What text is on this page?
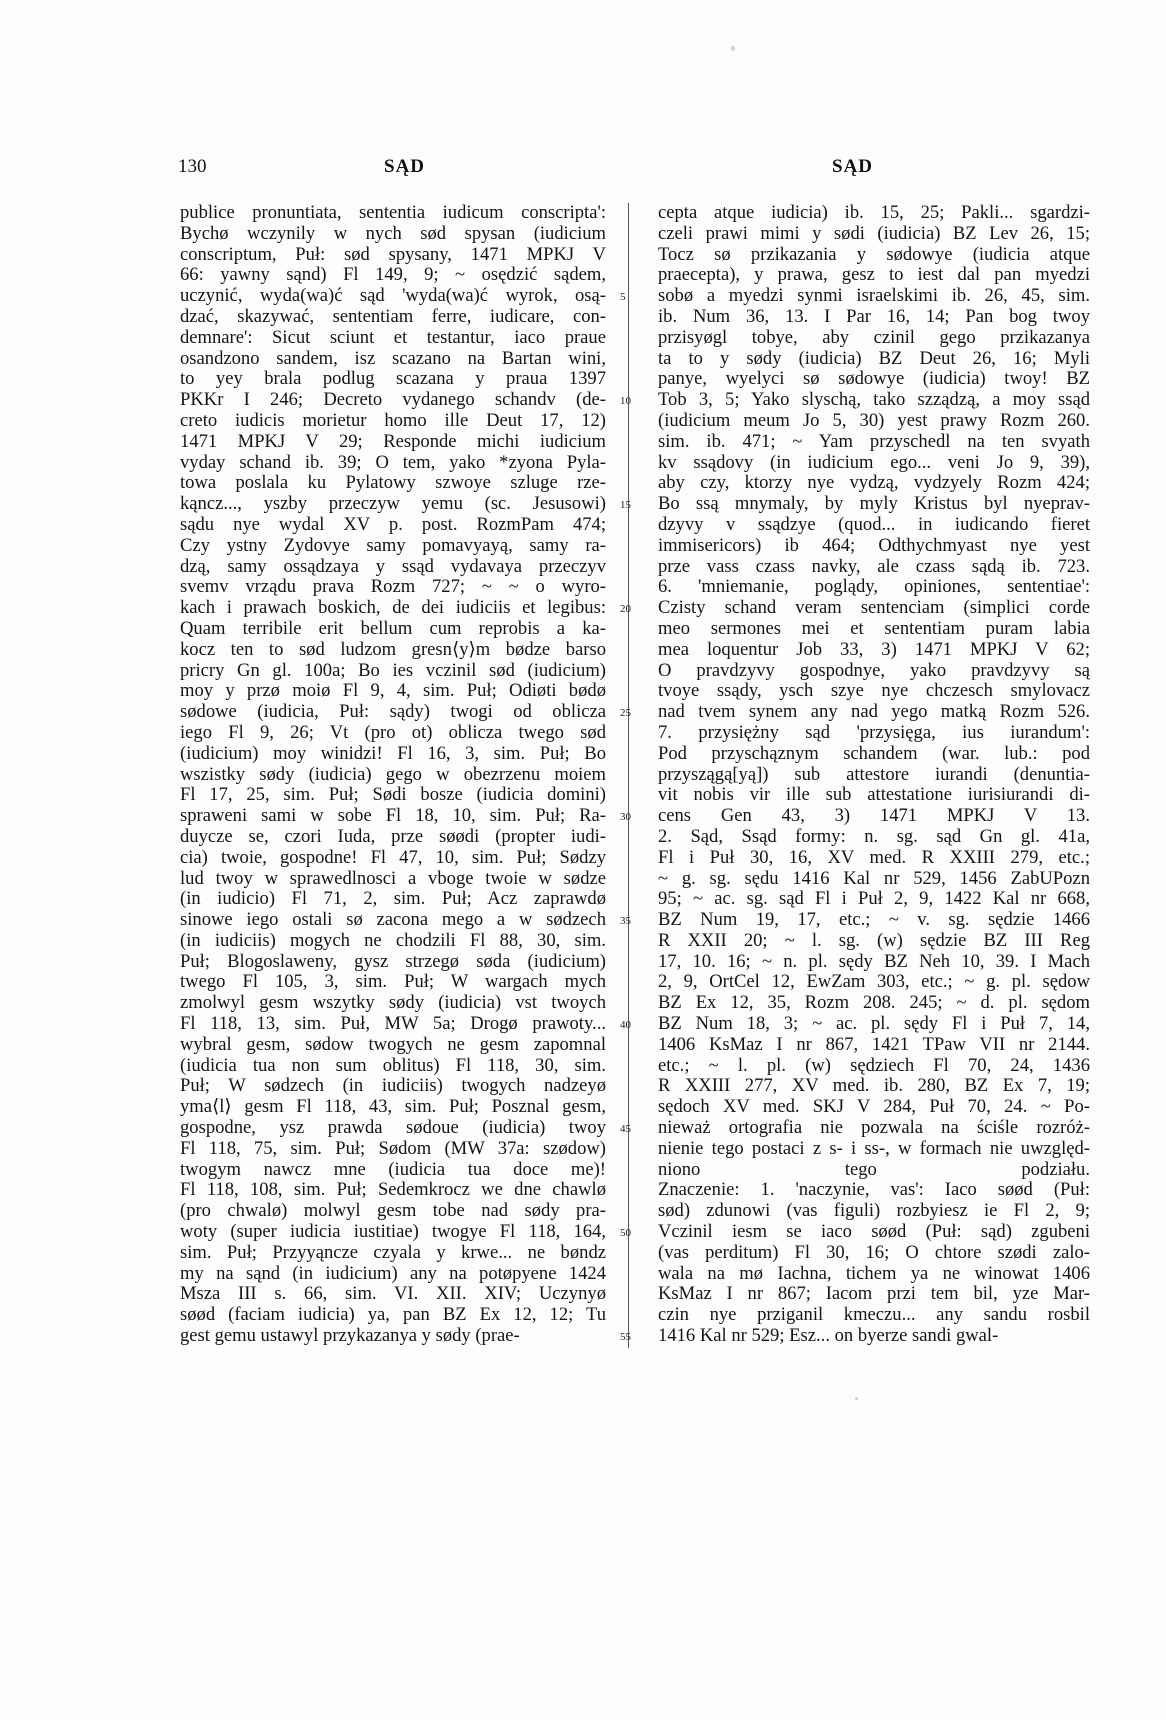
130	SĄD	SĄD
publice pronuntiata, sententia iudicum conscripta':
Bychø wczynily w nych sød spysan (iudicium
conscriptum, Puł: sød spysany, 1471 MPKJ V
66: yawny sąnd) Fl 149, 9; ~ osędzić sądem,
uczynić, wyda(wa)ć sąd 'wyda(wa)ć wyrok, osą-
dzać, skazywać, sententiam ferre, iudicare, con-
demnare': Sicut sciunt et testantur, iaco praue
osandzono sandem, isz scazano na Bartan wini,
to yey brala podlug scazana y praua 1397
PKKr I 246; Decreto vydanego schandv (de-
creto iudicis morietur homo ille Deut 17, 12)
1471 MPKJ V 29; Responde michi iudicium
vyday schand ib. 39; O tem, yako *zyona Pyla-
towa poslala ku Pylatowy szwoye szluge rze-
kąncz..., yszby przeczyw yemu (sc. Jesusowi)
sądu nye wydal XV p. post. RozmPam 474;
Czy ystny Zydovye samy pomavyayą, samy ra-
dzą, samy ossądzaya y ssąd vydavaya przeczyv
svemv vrządu prava Rozm 727; ~ ~ o wyro-
kach i prawach boskich, de dei iudiciis et legibus:
Quam terribile erit bellum cum reprobis a ka-
kocz ten to sød ludzom gresn⟨y⟩m bødze barso
pricry Gn gl. 100a; Bo ies vczinil sød (iudicium)
moy y przø moiø Fl 9, 4, sim. Puł; Odiøti bødø
sødowe (iudicia, Puł: sądy) twogi od oblicza
iego Fl 9, 26; Vt (pro ot) oblicza twego sød
(iudicium) moy winidzi! Fl 16, 3, sim. Puł; Bo
wszistky sødy (iudicia) gego w obezrzenu moiem
Fl 17, 25, sim. Puł; Sødi bosze (iudicia domini)
spraweni sami w sobe Fl 18, 10, sim. Puł; Ra-
duycze se, czori Iuda, prze søødi (propter iudi-
cia) twoie, gospodne! Fl 47, 10, sim. Puł; Sødzy
lud twoy w sprawedlnosci a vboge twoie w sødze
(in iudicio) Fl 71, 2, sim. Puł; Acz zaprawdø
sinowe iego ostali sø zacona mego a w sødzech
(in iudiciis) mogych ne chodzili Fl 88, 30, sim.
Puł; Blogoslaweny, gysz strzegø søda (iudicium)
twego Fl 105, 3, sim. Puł; W wargach mych
zmolwyl gesm wszytky sødy (iudicia) vst twoych
Fl 118, 13, sim. Puł, MW 5a; Drogø prawoty...
wybral gesm, sødow twogych ne gesm zapomnal
(iudicia tua non sum oblitus) Fl 118, 30, sim.
Puł; W sødzech (in iudiciis) twogych nadzeyø
yma⟨l⟩ gesm Fl 118, 43, sim. Puł; Posznal gesm,
gospodne, ysz prawda sødoue (iudicia) twoy
Fl 118, 75, sim. Puł; Sødom (MW 37a: szødow)
twogym nawcz mne (iudicia tua doce me)!
Fl 118, 108, sim. Puł; Sedemkrocz we dne chawlø
(pro chwalø) molwyl gesm tobe nad sødy pra-
woty (super iudicia iustitiae) twogye Fl 118, 164,
sim. Puł; Przyyąncze czyala y krwe... ne bøndz
my na sąnd (in iudicium) any na potøpyene 1424
Msza III s. 66, sim. VI. XII. XIV; Uczynyø
søød (faciam iudicia) ya, pan BZ Ex 12, 12; Tu
gest gemu ustawyl przykazanya y sødy (prae-
5
10
15
20
25
30
35
40
45
50
55
cepta atque iudicia) ib. 15, 25; Pakli... sgardzi-
czeli prawi mimi y sødi (iudicia) BZ Lev 26, 15;
Tocz sø przikazania y sødowye (iudicia atque
praecepta), y prawa, gesz to iest dal pan myedzi
sobø a myedzi synmi israelskimi ib. 26, 45, sim.
ib. Num 36, 13. I Par 16, 14; Pan bog twoy
przisyøgl tobye, aby czinil gego przikazanya
ta to y sødy (iudicia) BZ Deut 26, 16; Myli
panye, wyelyci sø sødowye (iudicia) twoy! BZ
Tob 3, 5; Yako slyschą, tako szządzą, a moy ssąd
(iudicium meum Jo 5, 30) yest prawy Rozm 260.
sim. ib. 471; ~ Yam przyschedl na ten svyath
kv ssądovy (in iudicium ego... veni Jo 9, 39),
aby czy, ktorzy nye vydzą, vydzyely Rozm 424;
Bo ssą mnymaly, by myly Kristus byl nyeprav-
dzyvy v ssądzye (quod... in iudicando fieret
immisericors) ib 464; Odthychmyast nye yest
prze vass czass navky, ale czass sądą ib. 723.
6. 'mniemanie, poglądy, opiniones, sententiae':
Czisty schand veram sentenciam (simplici corde
meo sermones mei et sententiam puram labia
mea loquentur Job 33, 3) 1471 MPKJ V 62;
O pravdzyvy gospodnye, yako pravdzyvy są
tvoye ssądy, ysch szye nye chczesch smylovacz
nad tvem synem any nad yego matką Rozm 526.
7. przysiężny sąd 'przysięga, ius iurandum':
Pod przyschąznym schandem (war. lub.: pod
przyszągą[yą]) sub attestore iurandi (denuntia-
vit nobis vir ille sub attestatione iurisiurandi di-
cens Gen 43, 3) 1471 MPKJ V 13.
2. Sąd, Ssąd formy: n. sg. sąd Gn gl. 41a,
Fl i Puł 30, 16, XV med. R XXIII 279, etc.;
~ g. sg. sędu 1416 Kal nr 529, 1456 ZabUPozn
95; ~ ac. sg. sąd Fl i Puł 2, 9, 1422 Kal nr 668,
BZ Num 19, 17, etc.; ~ v. sg. sędzie 1466
R XXII 20; ~ l. sg. (w) sędzie BZ III Reg
17, 10. 16; ~ n. pl. sędy BZ Neh 10, 39. I Mach
2, 9, OrtCel 12, EwZam 303, etc.; ~ g. pl. sędow
BZ Ex 12, 35, Rozm 208. 245; ~ d. pl. sędom
BZ Num 18, 3; ~ ac. pl. sędy Fl i Puł 7, 14,
1406 KsMaz I nr 867, 1421 TPaw VII nr 2144.
etc.; ~ l. pl. (w) sędziech Fl 70, 24, 1436
R XXIII 277, XV med. ib. 280, BZ Ex 7, 19;
sędoch XV med. SKJ V 284, Puł 70, 24. ~ Po-
nieważ ortografia nie pozwala na ściśle rozróż-
nienie tego postaci z s- i ss-, w formach nie uwzględ-
niono tego podziału.
Znaczenie: 1. 'naczynie, vas': Iaco søød (Puł:
sød) zdunowi (vas figuli) rozbyiesz ie Fl 2, 9;
Vczinil iesm se iaco søød (Puł: sąd) zgubeni
(vas perditum) Fl 30, 16; O chtore szødi zalo-
wala na mø Iachna, tichem ya ne winowat 1406
KsMaz I nr 867; Iacom przi tem bil, yze Mar-
czin nye prziganil kmeczu... any sandu rosbil
1416 Kal nr 529; Esz... on byerze sandi gwal-
